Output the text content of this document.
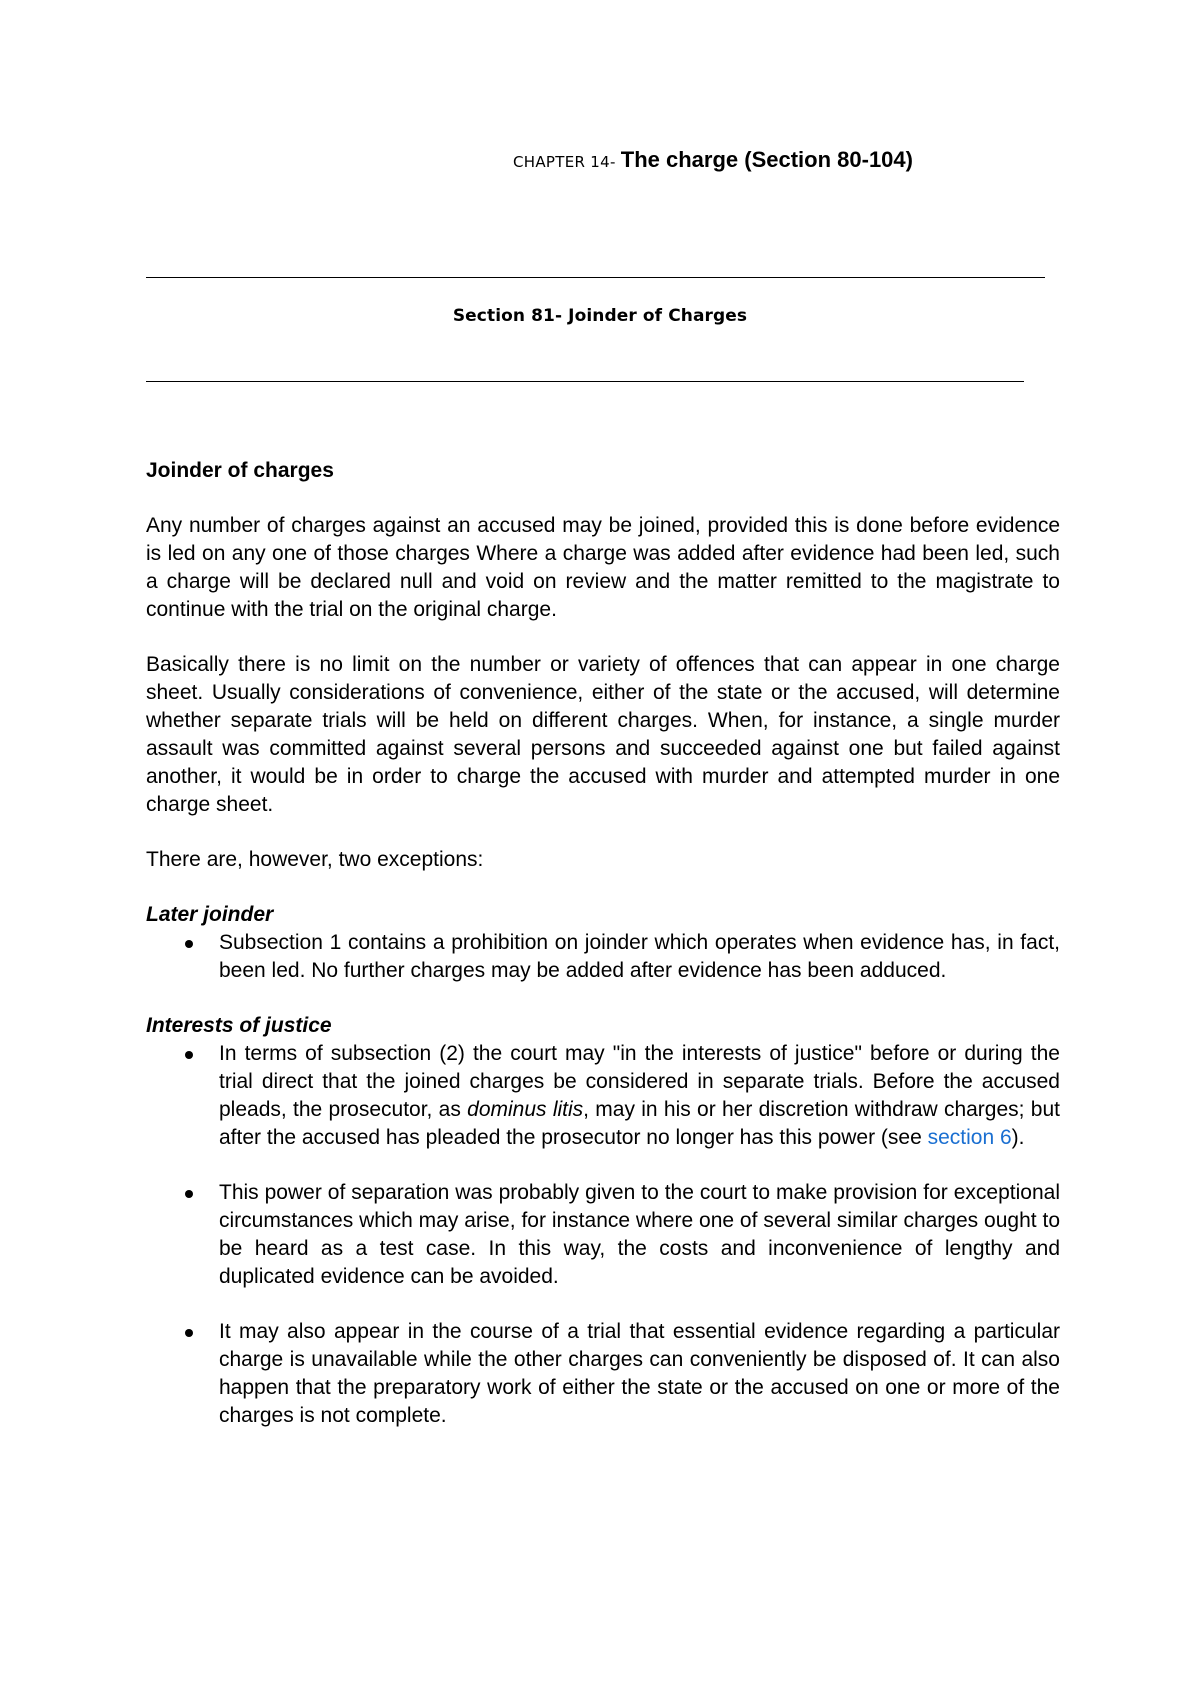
CHAPTER 14- The charge (Section 80-104)
Section 81- Joinder of Charges
Joinder of charges

Any number of charges against an accused may be joined, provided this is done before evidence is led on any one of those charges Where a charge was added after evidence had been led, such a charge will be declared null and void on review and the matter remitted to the magistrate to continue with the trial on the original charge.

Basically there is no limit on the number or variety of offences that can appear in one charge sheet. Usually considerations of convenience, either of the state or the accused, will determine whether separate trials will be held on different charges. When, for instance, a single murder assault was committed against several persons and succeeded against one but failed against another, it would be in order to charge the accused with murder and attempted murder in one charge sheet.

There are, however, two exceptions:

Later joinder
Subsection 1 contains a prohibition on joinder which operates when evidence has, in fact, been led. No further charges may be added after evidence has been adduced.
Interests of justice
In terms of subsection (2) the court may "in the interests of justice" before or during the trial direct that the joined charges be considered in separate trials. Before the accused pleads, the prosecutor, as dominus litis, may in his or her discretion withdraw charges; but after the accused has pleaded the prosecutor no longer has this power (see section 6).
This power of separation was probably given to the court to make provision for exceptional circumstances which may arise, for instance where one of several similar charges ought to be heard as a test case. In this way, the costs and inconvenience of lengthy and duplicated evidence can be avoided.
It may also appear in the course of a trial that essential evidence regarding a particular charge is unavailable while the other charges can conveniently be disposed of. It can also happen that the preparatory work of either the state or the accused on one or more of the charges is not complete.
